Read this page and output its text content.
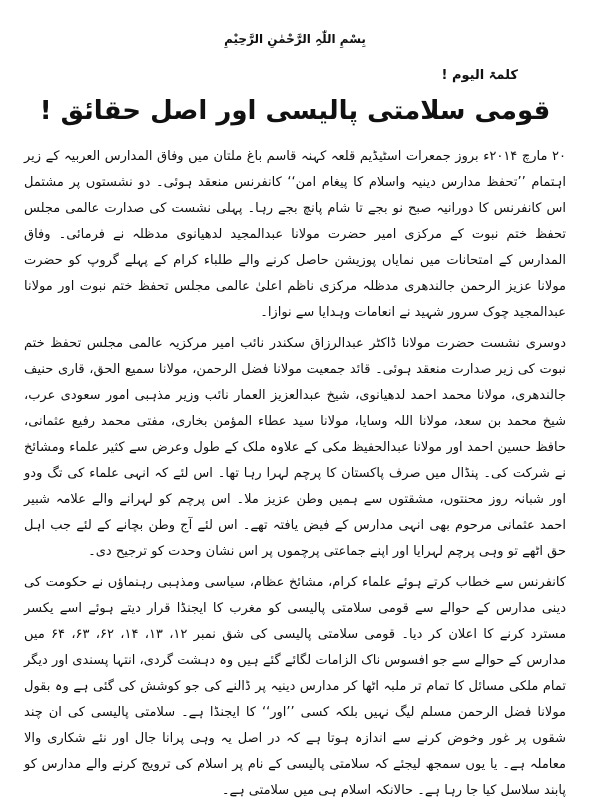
بِسْمِ اللّٰہِ الرَّحْمٰنِ الرَّحِیْمِ
کلمۃ الیوم !
قومی سلامتی پالیسی اور اصل حقائق !

۲۰ مارچ ۲۰۱۴ء بروز جمعرات اسٹیڈیم قلعہ کہنہ قاسم باغ ملتان میں وفاق المدارس العربیہ کے زیر اہتمام ’’تحفظ مدارس دینیہ واسلام کا پیغام امن‘‘ کانفرنس منعقد ہوئی۔ دو نشستوں پر مشتمل اس کانفرنس کا دورانیہ صبح نو بجے تا شام پانچ بجے رہا۔ پہلی نشست کی صدارت عالمی مجلس تحفظ ختم نبوت کے مرکزی امیر حضرت مولانا عبدالمجید لدھیانوی مدظلہ نے فرمائی۔ وفاق المدارس کے امتحانات میں نمایاں پوزیشن حاصل کرنے والے طلباء کرام کے پہلے گروپ کو حضرت مولانا عزیز الرحمن جالندھری مدظلہ مرکزی ناظم اعلیٰ عالمی مجلس تحفظ ختم نبوت اور مولانا عبدالمجید چوک سرور شہید نے انعامات وہدایا سے نوازا۔

دوسری نشست حضرت مولانا ڈاکٹر عبدالرزاق سکندر نائب امیر مرکزیہ عالمی مجلس تحفظ ختم نبوت کی زیر صدارت منعقد ہوئی۔ قائد جمعیت مولانا فضل الرحمن، مولانا سمیع الحق، قاری حنیف جالندھری، مولانا محمد احمد لدھیانوی، شیخ عبدالعزیز العمار نائب وزیر مذہبی امور سعودی عرب، شیخ محمد بن سعد، مولانا اللہ وسایا، مولانا سید عطاء المؤمن بخاری، مفتی محمد رفیع عثمانی، حافظ حسین احمد اور مولانا عبدالحفیظ مکی کے علاوہ ملک کے طول وعرض سے کثیر علماء ومشائخ نے شرکت کی۔ پنڈال میں صرف پاکستان کا پرچم لہرا رہا تھا۔ اس لئے کہ انہی علماء کی تگ ودو اور شبانہ روز محنتوں، مشقتوں سے ہمیں وطن عزیز ملا۔ اس پرچم کو لہرانے والے علامہ شبیر احمد عثمانی مرحوم بھی انہی مدارس کے فیض یافتہ تھے۔ اس لئے آج وطن بچانے کے لئے جب اہل حق اٹھے تو وہی پرچم لہرایا اور اپنے جماعتی پرچموں پر اس نشان وحدت کو ترجیح دی۔

کانفرنس سے خطاب کرتے ہوئے علماء کرام، مشائخ عظام، سیاسی ومذہبی رہنماؤں نے حکومت کی دینی مدارس کے حوالے سے قومی سلامتی پالیسی کو مغرب کا ایجنڈا قرار دیتے ہوئے اسے یکسر مسترد کرنے کا اعلان کر دیا۔ قومی سلامتی پالیسی کی شق نمبر ۱۲، ۱۳، ۱۴، ۶۲، ۶۳، ۶۴ میں مدارس کے حوالے سے جو افسوس ناک الزامات لگائے گئے ہیں وہ دہشت گردی، انتہا پسندی اور دیگر تمام ملکی مسائل کا تمام تر ملبہ اٹھا کر مدارس دینیہ پر ڈالنے کی جو کوشش کی گئی ہے وہ بقول مولانا فضل الرحمن مسلم لیگ نہیں بلکہ کسی ’’اور‘‘ کا ایجنڈا ہے۔ سلامتی پالیسی کی ان چند شقوں پر غور وخوض کرنے سے اندازہ ہوتا ہے کہ در اصل یہ وہی پرانا جال اور نئے شکاری والا معاملہ ہے۔ یا یوں سمجھ لیجئے کہ سلامتی پالیسی کے نام پر اسلام کی ترویج کرنے والے مدارس کو پابند سلاسل کیا جا رہا ہے۔ حالانکہ اسلام ہی میں سلامتی ہے۔
